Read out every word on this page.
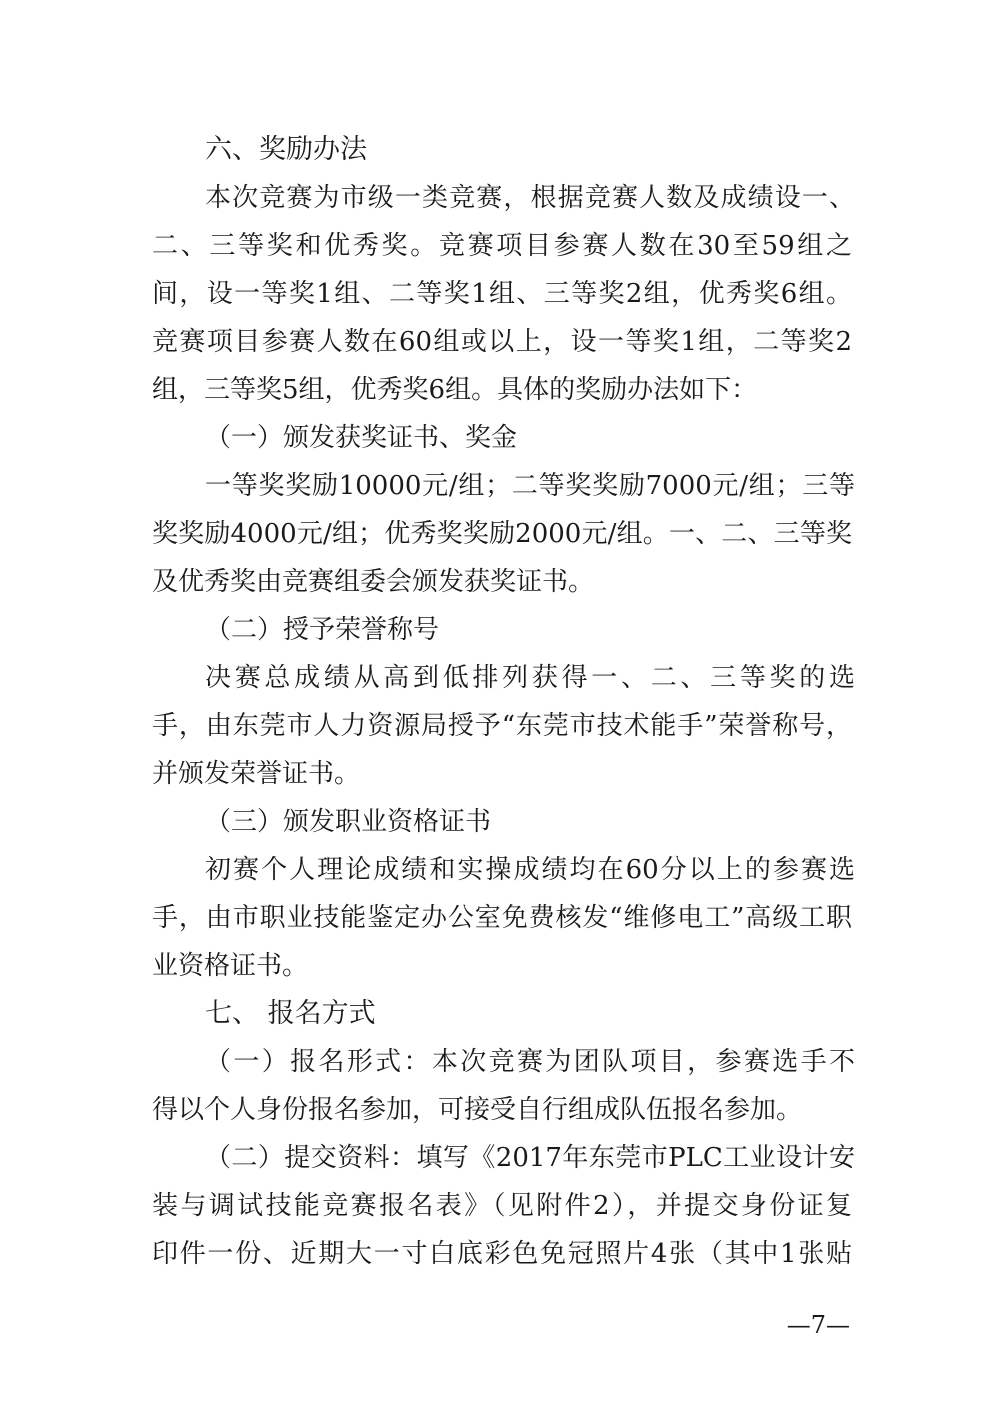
六、奖励办法
本次竞赛为市级一类竞赛，根据竞赛人数及成绩设一、
二、三等奖和优秀奖。竞赛项目参赛人数在30至59组之
间，设一等奖1组、二等奖1组、三等奖2组，优秀奖6组。
竞赛项目参赛人数在60组或以上，设一等奖1组，二等奖2
组，三等奖5组，优秀奖6组。具体的奖励办法如下：
（一）颁发获奖证书、奖金
一等奖奖励10000元/组；二等奖奖励7000元/组；三等
奖奖励4000元/组；优秀奖奖励2000元/组。一、二、三等奖
及优秀奖由竞赛组委会颁发获奖证书。
（二）授予荣誉称号
决赛总成绩从高到低排列获得一、二、三等奖的选
手，由东莞市人力资源局授予“东莞市技术能手”荣誉称号，
并颁发荣誉证书。
（三）颁发职业资格证书
初赛个人理论成绩和实操成绩均在60分以上的参赛选
手，由市职业技能鉴定办公室免费核发“维修电工”高级工职
业资格证书。
七、 报名方式
（一）报名形式：本次竞赛为团队项目，参赛选手不
得以个人身份报名参加，可接受自行组成队伍报名参加。
（二）提交资料：填写《2017年东莞市PLC工业设计安
装与调试技能竞赛报名表》（见附件2），并提交身份证复
印件一份、近期大一寸白底彩色免冠照片4张（其中1张贴
—7—
